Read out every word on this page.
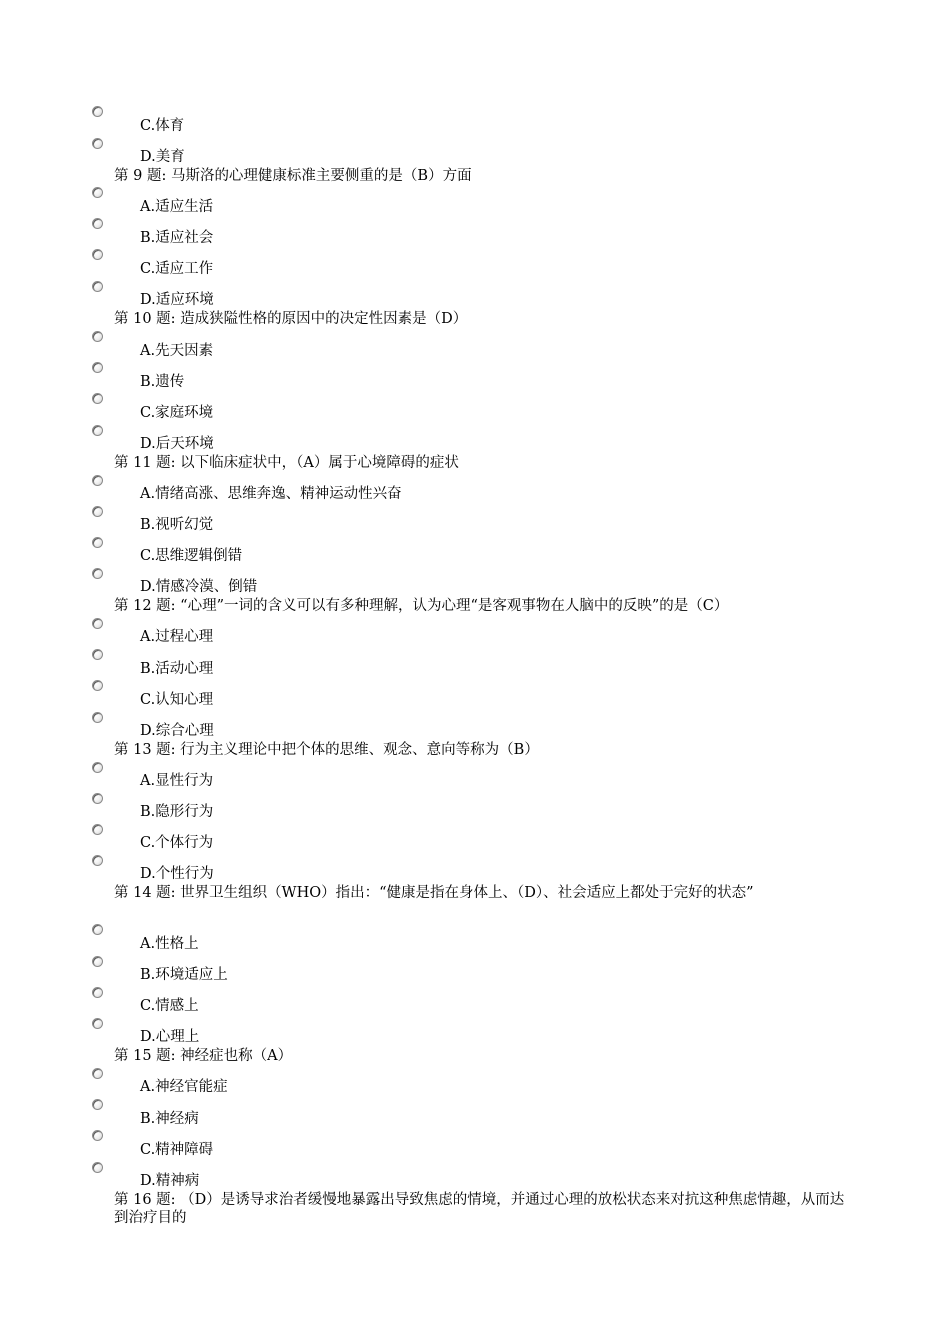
C.体育
D.美育
第 9 题: 马斯洛的心理健康标准主要侧重的是（B）方面
A.适应生活
B.适应社会
C.适应工作
D.适应环境
第 10 题: 造成狭隘性格的原因中的决定性因素是（D）
A.先天因素
B.遗传
C.家庭环境
D.后天环境
第 11 题: 以下临床症状中，（A）属于心境障碍的症状
A.情绪高涨、思维奔逸、精神运动性兴奋
B.视听幻觉
C.思维逻辑倒错
D.情感冷漠、倒错
第 12 题: “心理”一词的含义可以有多种理解，认为心理“是客观事物在人脑中的反映”的是（C）
A.过程心理
B.活动心理
C.认知心理
D.综合心理
第 13 题: 行为主义理论中把个体的思维、观念、意向等称为（B）
A.显性行为
B.隐形行为
C.个体行为
D.个性行为
第 14 题: 世界卫生组织（WHO）指出：“健康是指在身体上、（D）、社会适应上都处于完好的状态”
A.性格上
B.环境适应上
C.情感上
D.心理上
第 15 题: 神经症也称（A）
A.神经官能症
B.神经病
C.精神障碍
D.精神病
第 16 题: （D）是诱导求治者缓慢地暴露出导致焦虑的情境，并通过心理的放松状态来对抗这种焦虑情趣，从而达到治疗目的
